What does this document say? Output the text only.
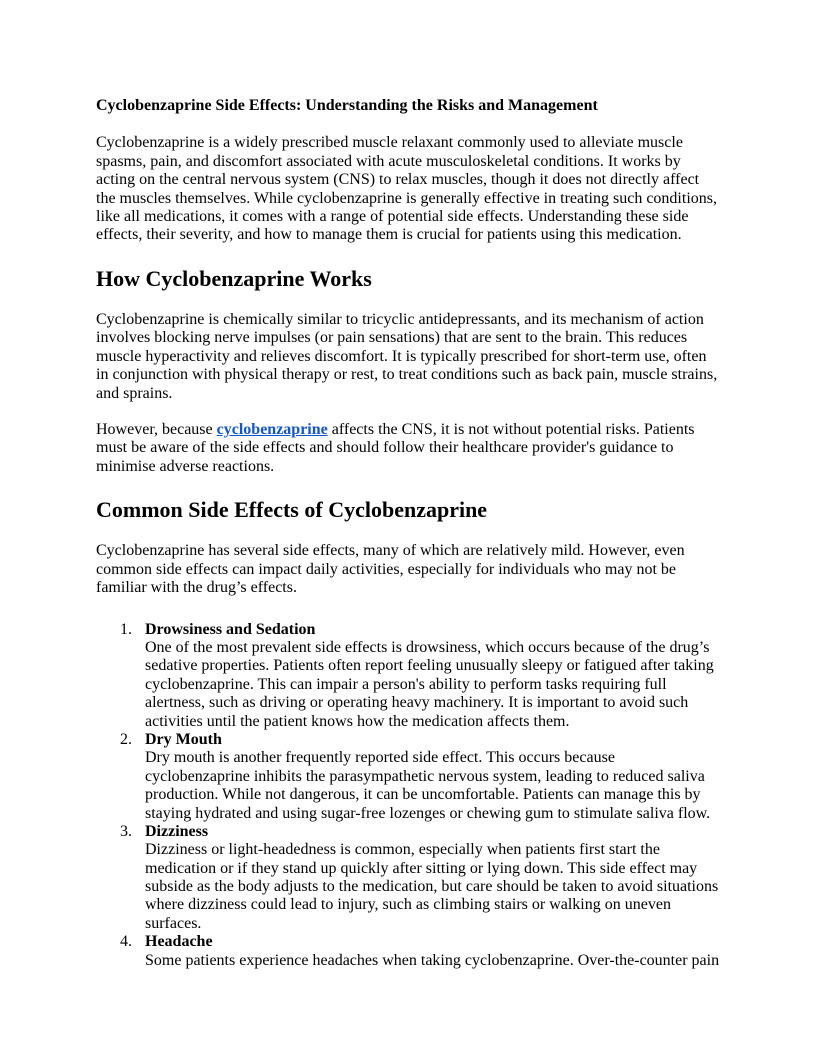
Cyclobenzaprine Side Effects: Understanding the Risks and Management

Cyclobenzaprine is a widely prescribed muscle relaxant commonly used to alleviate muscle spasms, pain, and discomfort associated with acute musculoskeletal conditions. It works by acting on the central nervous system (CNS) to relax muscles, though it does not directly affect the muscles themselves. While cyclobenzaprine is generally effective in treating such conditions, like all medications, it comes with a range of potential side effects. Understanding these side effects, their severity, and how to manage them is crucial for patients using this medication.

How Cyclobenzaprine Works

Cyclobenzaprine is chemically similar to tricyclic antidepressants, and its mechanism of action involves blocking nerve impulses (or pain sensations) that are sent to the brain. This reduces muscle hyperactivity and relieves discomfort. It is typically prescribed for short-term use, often in conjunction with physical therapy or rest, to treat conditions such as back pain, muscle strains, and sprains.

However, because cyclobenzaprine affects the CNS, it is not without potential risks. Patients must be aware of the side effects and should follow their healthcare provider's guidance to minimise adverse reactions.

Common Side Effects of Cyclobenzaprine

Cyclobenzaprine has several side effects, many of which are relatively mild. However, even common side effects can impact daily activities, especially for individuals who may not be familiar with the drug’s effects.

1. Drowsiness and Sedation
One of the most prevalent side effects is drowsiness, which occurs because of the drug’s sedative properties. Patients often report feeling unusually sleepy or fatigued after taking cyclobenzaprine. This can impair a person's ability to perform tasks requiring full alertness, such as driving or operating heavy machinery. It is important to avoid such activities until the patient knows how the medication affects them.
2. Dry Mouth
Dry mouth is another frequently reported side effect. This occurs because cyclobenzaprine inhibits the parasympathetic nervous system, leading to reduced saliva production. While not dangerous, it can be uncomfortable. Patients can manage this by staying hydrated and using sugar-free lozenges or chewing gum to stimulate saliva flow.
3. Dizziness
Dizziness or light-headedness is common, especially when patients first start the medication or if they stand up quickly after sitting or lying down. This side effect may subside as the body adjusts to the medication, but care should be taken to avoid situations where dizziness could lead to injury, such as climbing stairs or walking on uneven surfaces.
4. Headache
Some patients experience headaches when taking cyclobenzaprine. Over-the-counter pain
